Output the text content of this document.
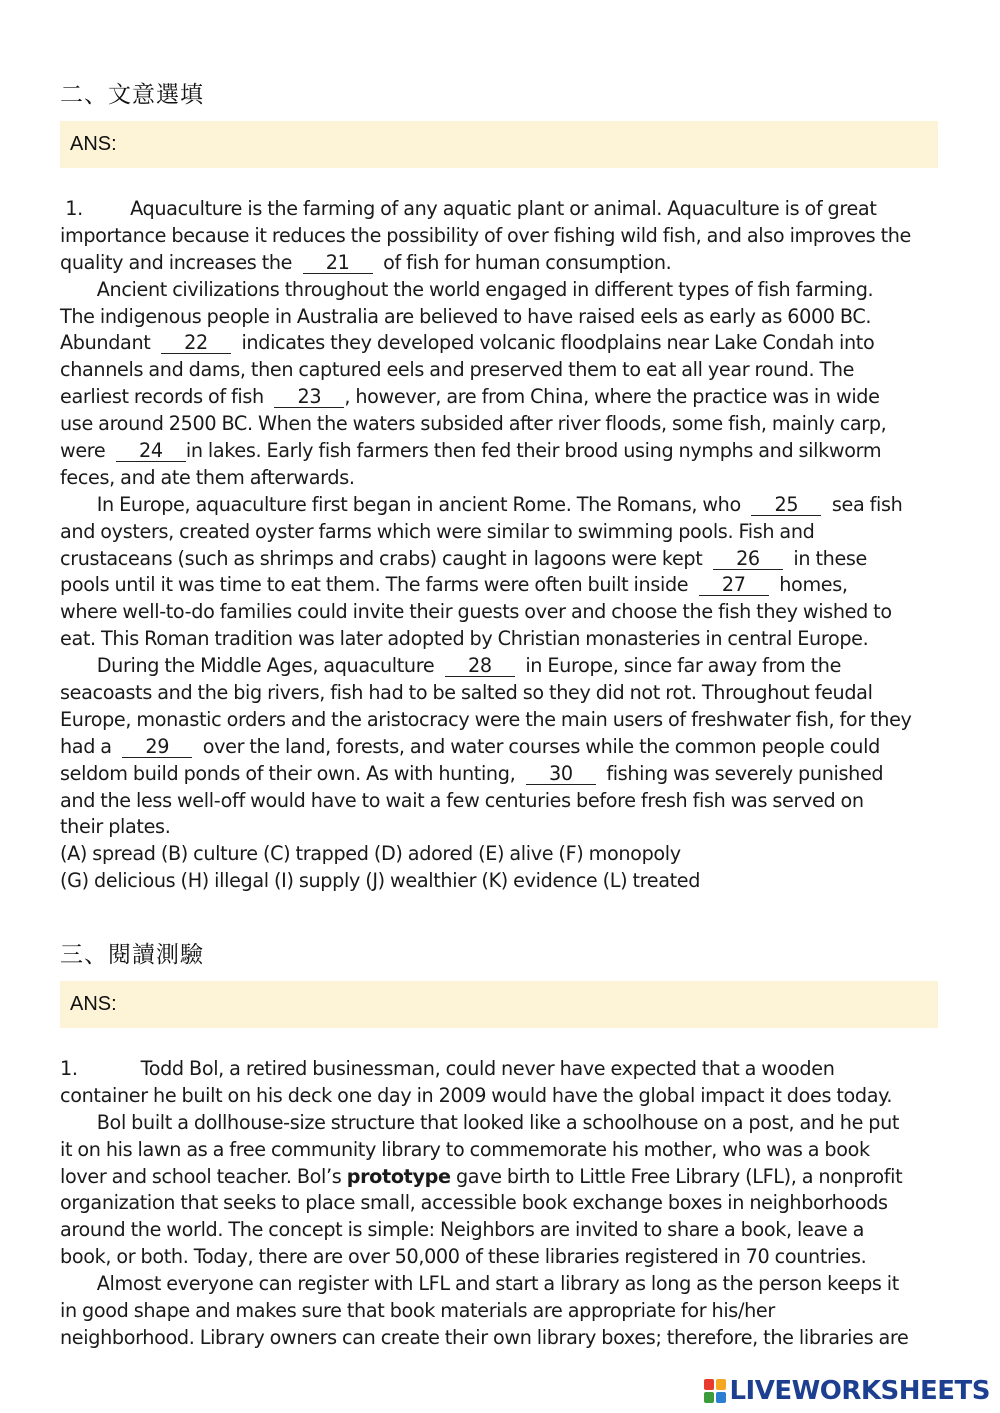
二、文意選填
ANS:
1.         Aquaculture is the farming of any aquatic plant or animal. Aquaculture is of great
importance because it reduces the possibility of over fishing wild fish, and also improves the
quality and increases the  21  of fish for human consumption.
Ancient civilizations throughout the world engaged in different types of fish farming.
The indigenous people in Australia are believed to have raised eels as early as 6000 BC.
Abundant  22  indicates they developed volcanic floodplains near Lake Condah into
channels and dams, then captured eels and preserved them to eat all year round. The
earliest records of fish  23 , however, are from China, where the practice was in wide
use around 2500 BC. When the waters subsided after river floods, some fish, mainly carp,
were  24 in lakes. Early fish farmers then fed their brood using nymphs and silkworm
feces, and ate them afterwards.
In Europe, aquaculture first began in ancient Rome. The Romans, who  25  sea fish
and oysters, created oyster farms which were similar to swimming pools. Fish and
crustaceans (such as shrimps and crabs) caught in lagoons were kept  26  in these
pools until it was time to eat them. The farms were often built inside  27  homes,
where well-to-do families could invite their guests over and choose the fish they wished to
eat. This Roman tradition was later adopted by Christian monasteries in central Europe.
During the Middle Ages, aquaculture  28  in Europe, since far away from the
seacoasts and the big rivers, fish had to be salted so they did not rot. Throughout feudal
Europe, monastic orders and the aristocracy were the main users of freshwater fish, for they
had a  29  over the land, forests, and water courses while the common people could
seldom build ponds of their own. As with hunting,  30  fishing was severely punished
and the less well-off would have to wait a few centuries before fresh fish was served on
their plates.
(A) spread (B) culture (C) trapped (D) adored (E) alive (F) monopoly
(G) delicious (H) illegal (I) supply (J) wealthier (K) evidence (L) treated
三、閱讀測驗
ANS:
1.            Todd Bol, a retired businessman, could never have expected that a wooden
container he built on his deck one day in 2009 would have the global impact it does today.
Bol built a dollhouse-size structure that looked like a schoolhouse on a post, and he put
it on his lawn as a free community library to commemorate his mother, who was a book
lover and school teacher. Bol’s prototype gave birth to Little Free Library (LFL), a nonprofit
organization that seeks to place small, accessible book exchange boxes in neighborhoods
around the world. The concept is simple: Neighbors are invited to share a book, leave a
book, or both. Today, there are over 50,000 of these libraries registered in 70 countries.
Almost everyone can register with LFL and start a library as long as the person keeps it
in good shape and makes sure that book materials are appropriate for his/her
neighborhood. Library owners can create their own library boxes; therefore, the libraries are
LIVEWORKSHEETS
